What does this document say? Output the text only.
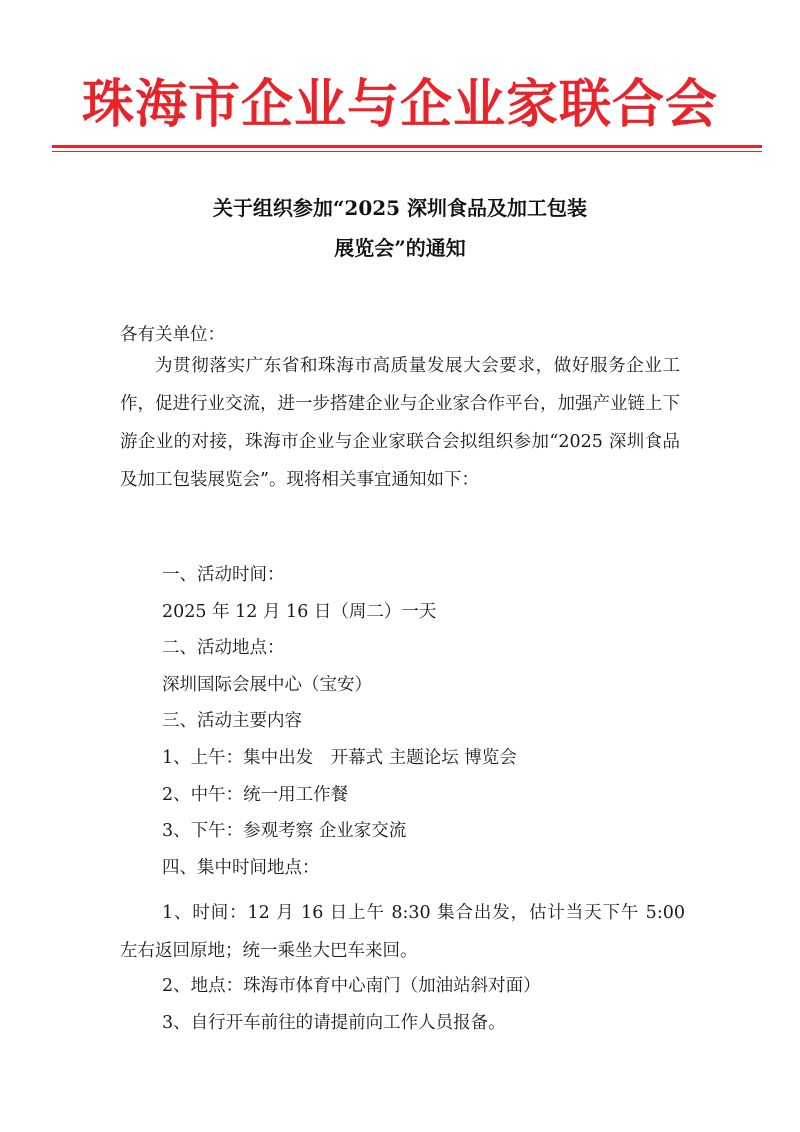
珠海市企业与企业家联合会
关于组织参加“2025 深圳食品及加工包装
展览会”的通知
各有关单位：
为贯彻落实广东省和珠海市高质量发展大会要求，做好服务企业工作，促进行业交流，进一步搭建企业与企业家合作平台，加强产业链上下游企业的对接，珠海市企业与企业家联合会拟组织参加“2025 深圳食品及加工包装展览会”。现将相关事宜通知如下：
一、活动时间：
2025 年 12 月 16 日（周二）一天
二、活动地点：
深圳国际会展中心（宝安）
三、活动主要内容
1、上午：集中出发　开幕式 主题论坛 博览会
2、中午：统一用工作餐
3、下午：参观考察 企业家交流
四、集中时间地点：
1、时间：12 月 16 日上午 8:30 集合出发，估计当天下午 5:00 左右返回原地；统一乘坐大巴车来回。
2、地点：珠海市体育中心南门（加油站斜对面）
3、自行开车前往的请提前向工作人员报备。
